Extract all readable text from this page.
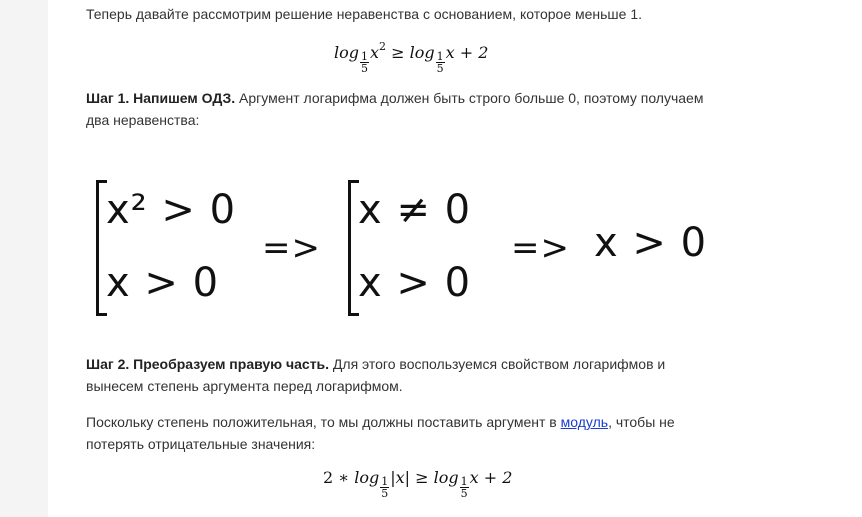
Теперь давайте рассмотрим решение неравенства с основанием, которое меньше 1.
$\log \frac{1}{5} x^2 \ge \log \frac{1}{5}$ x + 2
Шаг 1. Напишем ОДЗ. Аргумент логарифма должен быть строго больше 0, поэтому получаем два неравенства:
x² > 0
x > 0
=>
x ≠ 0
x > 0
=> x > 0
Шаг 2. Преобразуем правую часть. Для этого воспользуемся свойством логарифмов и вынесем степень аргумента перед логарифмом.
Поскольку степень положительная, то мы должны поставить аргумент в модуль, чтобы не потерять отрицательные значения:
2 ∗ $\log \frac{1}{5} |x| \ge \log \frac{1}{5}$ x + 2
